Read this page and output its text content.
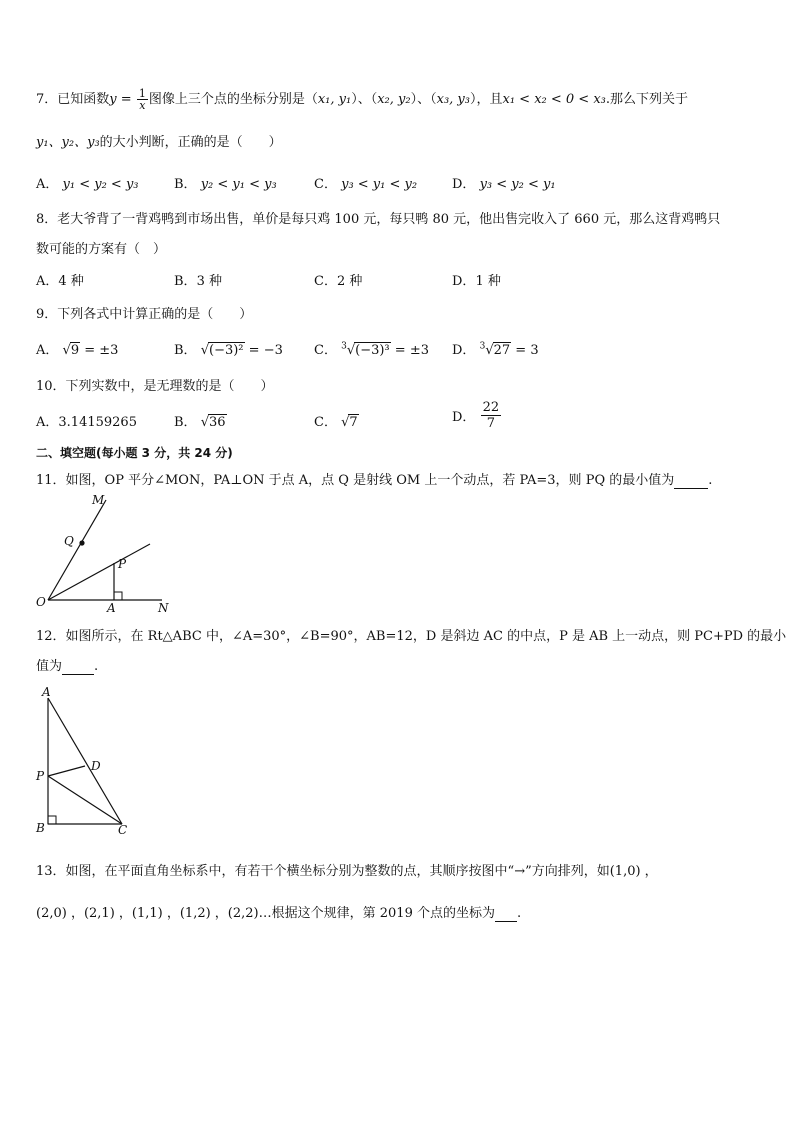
7．已知函数$y = \frac{1}{x}$ 图像上三个点的坐标分别是（x₁, y₁）、（x₂, y₂）、（x₃, y₃），且x₁ < x₂ < 0 < x₃.那么下列关于
y₁、y₂、y₃的大小判断，正确的是（　　）
A． y₁ < y₂ < y₃	B． y₂ < y₁ < y₃	C． y₃ < y₁ < y₂	D． y₃ < y₂ < y₁
8．老大爷背了一背鸡鸭到市场出售，单价是每只鸡 100 元，每只鸭 80 元，他出售完收入了 660 元，那么这背鸡鸭只
数可能的方案有（　）
A．4 种	B．3 种	C．2 种	D．1 种
9．下列各式中计算正确的是（　　）
A． √9 = ±3	B． √(−3)² = −3 C． $^3$√(−3)³ = ±3 D． $^3$√27 = 3
10．下列实数中，是无理数的是（　　）
A．3.14159265	B． √36	C． √7	D． $\frac{22}{7}$
二、填空题(每小题 3 分，共 24 分)
11．如图，OP 平分∠MON，PA⊥ON 于点 A，点 Q 是射线 OM 上一个动点，若 PA=3，则 PQ 的最小值为	.
M
Q
P
O	A	N
12．如图所示，在 Rt△ABC 中，∠A=30°，∠B=90°，AB=12，D 是斜边 AC 的中点，P 是 AB 上一动点，则 PC+PD 的最小
值为 .
A
D
P
B	C
13．如图，在平面直角坐标系中，有若干个横坐标分别为整数的点，其顺序按图中“→”方向排列，如(1,0) ，
(2,0) ，(2,1) ，(1,1) ，(1,2) ，(2,2)…根据这个规律，第 2019 个点的坐标为 .
